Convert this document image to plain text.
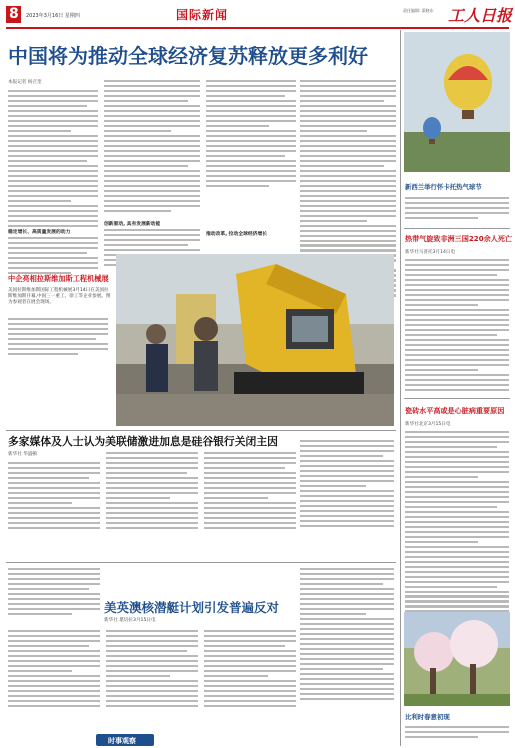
8 2023年3月16日 星期四	国际新闻	责任编辑: 梁晓东 工人日报
中国将为推动全球经济复苏释放更多利好
本报记者 杨召奎
稳定增长、高质量发展的动力
创新驱动, 具有发展新动能
推动改革, 拉动全球经济增长
中企亮相拉斯维加斯工程机械展
美国拉斯维加斯国际工程机械展3月14日在美国拉斯维加斯开幕,中国三一重工、徐工等企业参展。图为参观者在展会现场。
多家媒体及人士认为美联储激进加息是硅谷银行关闭主因
新华社 华盛顿
美英澳核潜艇计划引发普遍反对
新华社 堪培拉3月15日电
时事观察
新西兰举行怀卡托热气球节
热带气旋致非洲三国220余人死亡
新华社马普托3月14日电
瓷砖水平高或是心脏病重要原因
新华社北京3月15日电
比利时春意初现
